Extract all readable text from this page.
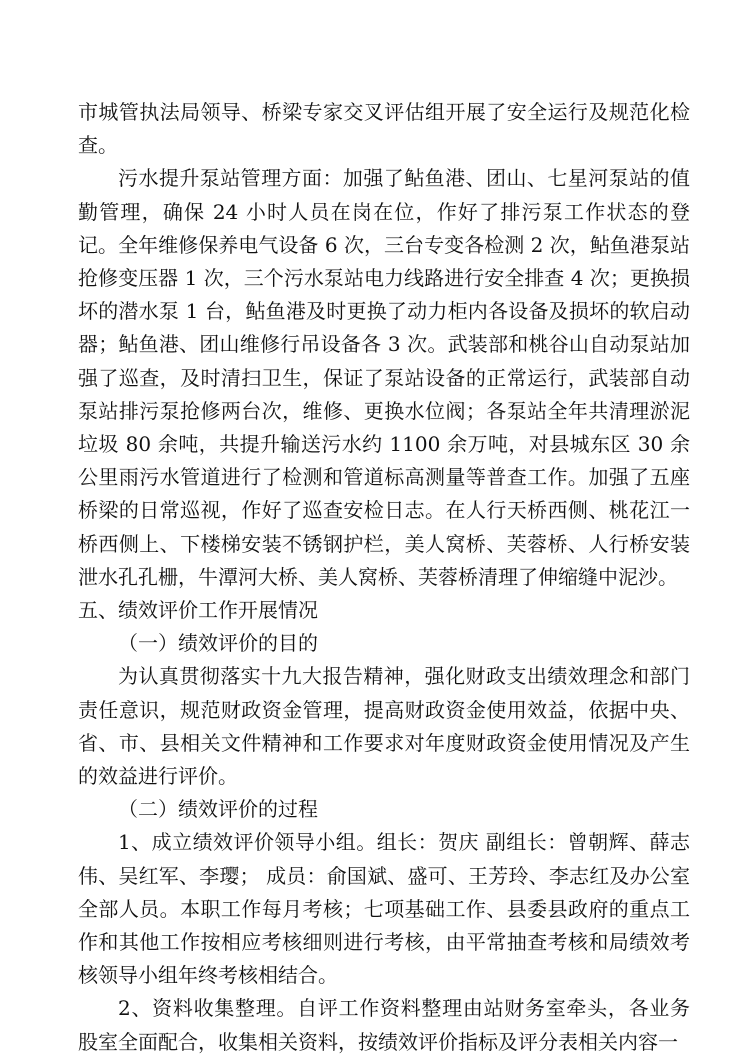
市城管执法局领导、桥梁专家交叉评估组开展了安全运行及规范化检查。

污水提升泵站管理方面：加强了鲇鱼港、团山、七星河泵站的值勤管理，确保 24 小时人员在岗在位，作好了排污泵工作状态的登记。全年维修保养电气设备 6 次，三台专变各检测 2 次，鲇鱼港泵站抢修变压器 1 次，三个污水泵站电力线路进行安全排查 4 次；更换损坏的潜水泵 1 台，鲇鱼港及时更换了动力柜内各设备及损坏的软启动器；鲇鱼港、团山维修行吊设备各 3 次。武装部和桃谷山自动泵站加强了巡查，及时清扫卫生，保证了泵站设备的正常运行，武装部自动泵站排污泵抢修两台次，维修、更换水位阀；各泵站全年共清理淤泥垃圾 80 余吨，共提升输送污水约 1100 余万吨，对县城东区 30 余公里雨污水管道进行了检测和管道标高测量等普查工作。加强了五座桥梁的日常巡视，作好了巡查安检日志。在人行天桥西侧、桃花江一桥西侧上、下楼梯安装不锈钢护栏，美人窝桥、芙蓉桥、人行桥安装泄水孔孔栅，牛潭河大桥、美人窝桥、芙蓉桥清理了伸缩缝中泥沙。

五、绩效评价工作开展情况

（一）绩效评价的目的

为认真贯彻落实十九大报告精神，强化财政支出绩效理念和部门责任意识，规范财政资金管理，提高财政资金使用效益，依据中央、省、市、县相关文件精神和工作要求对年度财政资金使用情况及产生的效益进行评价。

（二）绩效评价的过程

1、成立绩效评价领导小组。组长：贺庆 副组长：曾朝辉、薛志伟、吴红军、李璎； 成员：俞国斌、盛可、王芳玲、李志红及办公室全部人员。本职工作每月考核；七项基础工作、县委县政府的重点工作和其他工作按相应考核细则进行考核，由平常抽查考核和局绩效考核领导小组年终考核相结合。

2、资料收集整理。自评工作资料整理由站财务室牵头，各业务股室全面配合，收集相关资料，按绩效评价指标及评分表相关内容一
